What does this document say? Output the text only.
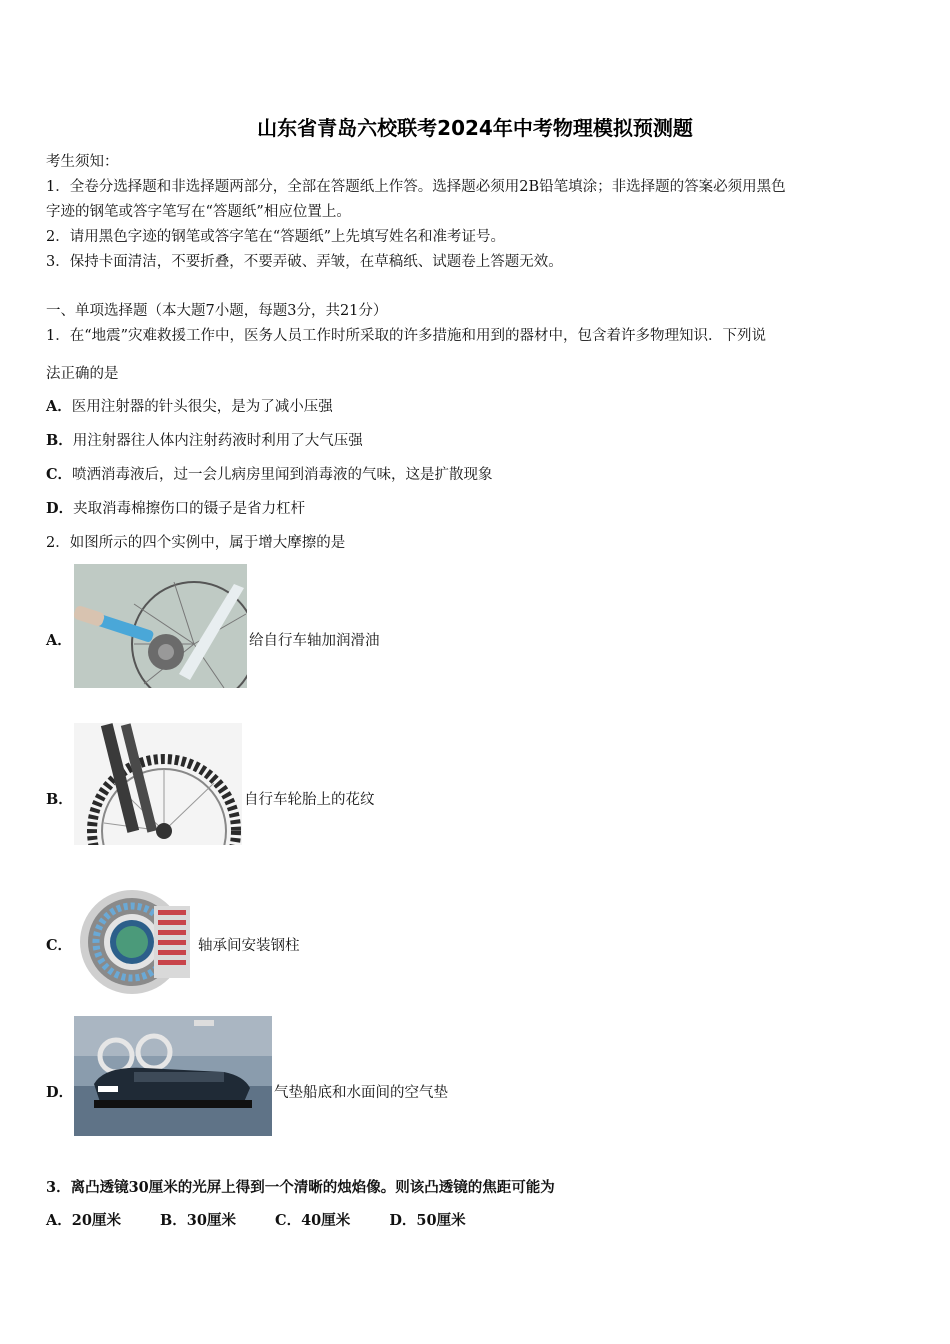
山东省青岛六校联考2024年中考物理模拟预测题
考生须知：
1．全卷分选择题和非选择题两部分，全部在答题纸上作答。选择题必须用2B铅笔填涂；非选择题的答案必须用黑色
字迹的钢笔或答字笔写在“答题纸”相应位置上。
2．请用黑色字迹的钢笔或答字笔在“答题纸”上先填写姓名和准考证号。
3．保持卡面清洁，不要折叠，不要弄破、弄皱，在草稿纸、试题卷上答题无效。
一、单项选择题（本大题7小题，每题3分，共21分）
1．在“地震”灾难救援工作中，医务人员工作时所采取的许多措施和用到的器材中，包含着许多物理知识．下列说
法正确的是
A．医用注射器的针头很尖，是为了减小压强
B．用注射器往人体内注射药液时利用了大气压强
C．喷洒消毒液后，过一会儿病房里闻到消毒液的气味，这是扩散现象
D．夹取消毒棉擦伤口的镊子是省力杠杆
2．如图所示的四个实例中，属于增大摩擦的是
A．	给自行车轴加润滑油
B．	自行车轮胎上的花纹
C．	轴承间安装钢柱
D．	气垫船底和水面间的空气垫
3．离凸透镜30厘米的光屏上得到一个清晰的烛焰像。则该凸透镜的焦距可能为
A．20厘米	B．30厘米	C．40厘米	D．50厘米
